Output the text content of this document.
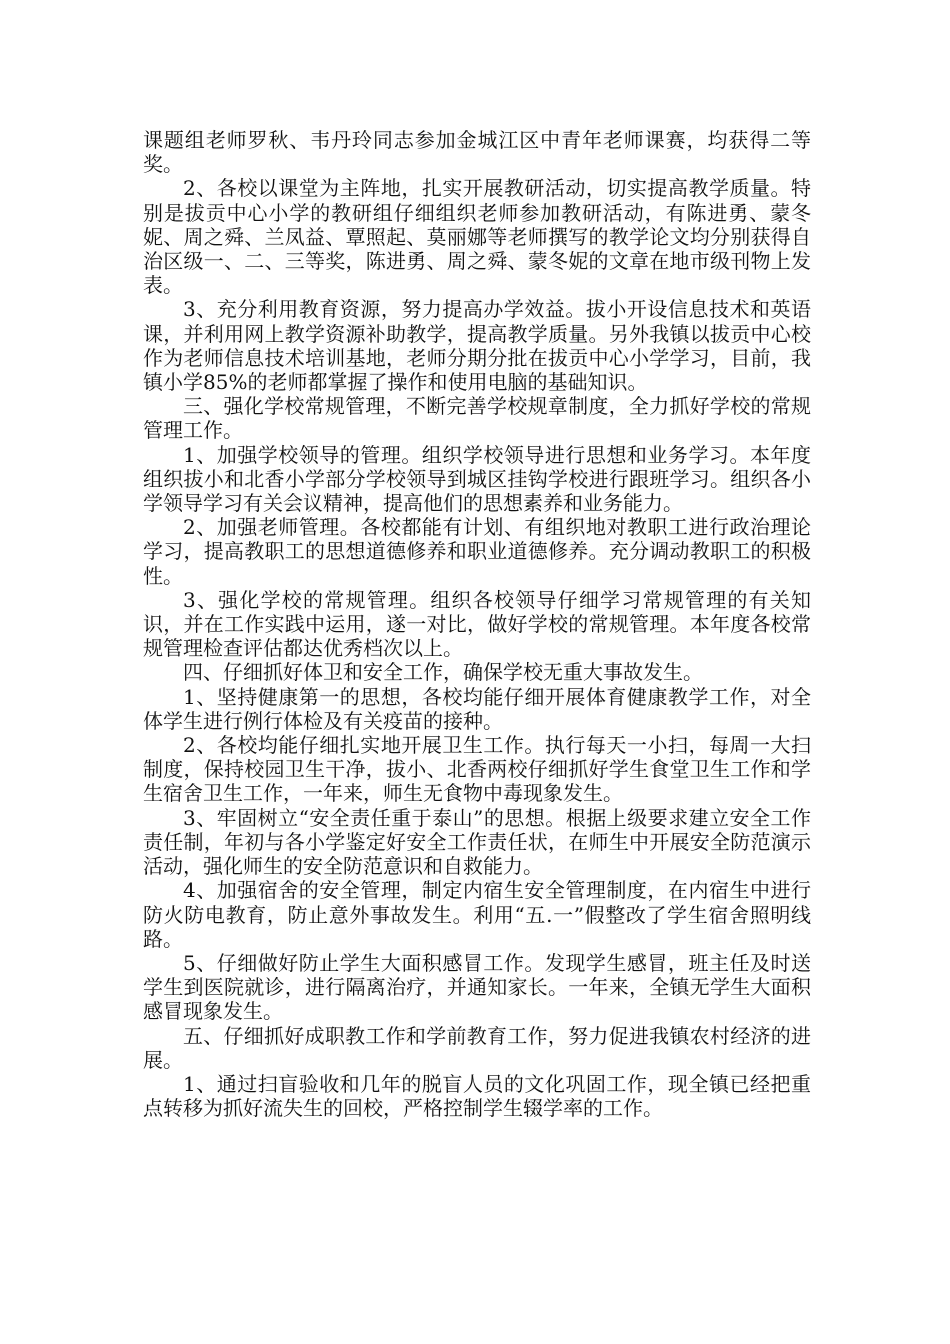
课题组老师罗秋、韦丹玲同志参加金城江区中青年老师课赛，均获得二等奖。

2、各校以课堂为主阵地，扎实开展教研活动，切实提高教学质量。特别是拔贡中心小学的教研组仔细组织老师参加教研活动，有陈进勇、蒙冬妮、周之舜、兰凤益、覃照起、莫丽娜等老师撰写的教学论文均分别获得自治区级一、二、三等奖，陈进勇、周之舜、蒙冬妮的文章在地市级刊物上发表。

3、充分利用教育资源，努力提高办学效益。拔小开设信息技术和英语课，并利用网上教学资源补助教学，提高教学质量。另外我镇以拔贡中心校作为老师信息技术培训基地，老师分期分批在拔贡中心小学学习，目前，我镇小学85%的老师都掌握了操作和使用电脑的基础知识。

三、强化学校常规管理，不断完善学校规章制度，全力抓好学校的常规管理工作。

1、加强学校领导的管理。组织学校领导进行思想和业务学习。本年度组织拔小和北香小学部分学校领导到城区挂钩学校进行跟班学习。组织各小学领导学习有关会议精神，提高他们的思想素养和业务能力。

2、加强老师管理。各校都能有计划、有组织地对教职工进行政治理论学习，提高教职工的思想道德修养和职业道德修养。充分调动教职工的积极性。

3、强化学校的常规管理。组织各校领导仔细学习常规管理的有关知识，并在工作实践中运用，遂一对比，做好学校的常规管理。本年度各校常规管理检查评估都达优秀档次以上。

四、仔细抓好体卫和安全工作，确保学校无重大事故发生。

1、坚持健康第一的思想，各校均能仔细开展体育健康教学工作，对全体学生进行例行体检及有关疫苗的接种。

2、各校均能仔细扎实地开展卫生工作。执行每天一小扫，每周一大扫制度，保持校园卫生干净，拔小、北香两校仔细抓好学生食堂卫生工作和学生宿舍卫生工作，一年来，师生无食物中毒现象发生。

3、牢固树立“安全责任重于泰山”的思想。根据上级要求建立安全工作责任制，年初与各小学鉴定好安全工作责任状，在师生中开展安全防范演示活动，强化师生的安全防范意识和自救能力。

4、加强宿舍的安全管理，制定内宿生安全管理制度，在内宿生中进行防火防电教育，防止意外事故发生。利用“五.一”假整改了学生宿舍照明线路。

5、仔细做好防止学生大面积感冒工作。发现学生感冒，班主任及时送学生到医院就诊，进行隔离治疗，并通知家长。一年来，全镇无学生大面积感冒现象发生。

五、仔细抓好成职教工作和学前教育工作，努力促进我镇农村经济的进展。

1、通过扫盲验收和几年的脱盲人员的文化巩固工作，现全镇已经把重点转移为抓好流失生的回校，严格控制学生辍学率的工作。
